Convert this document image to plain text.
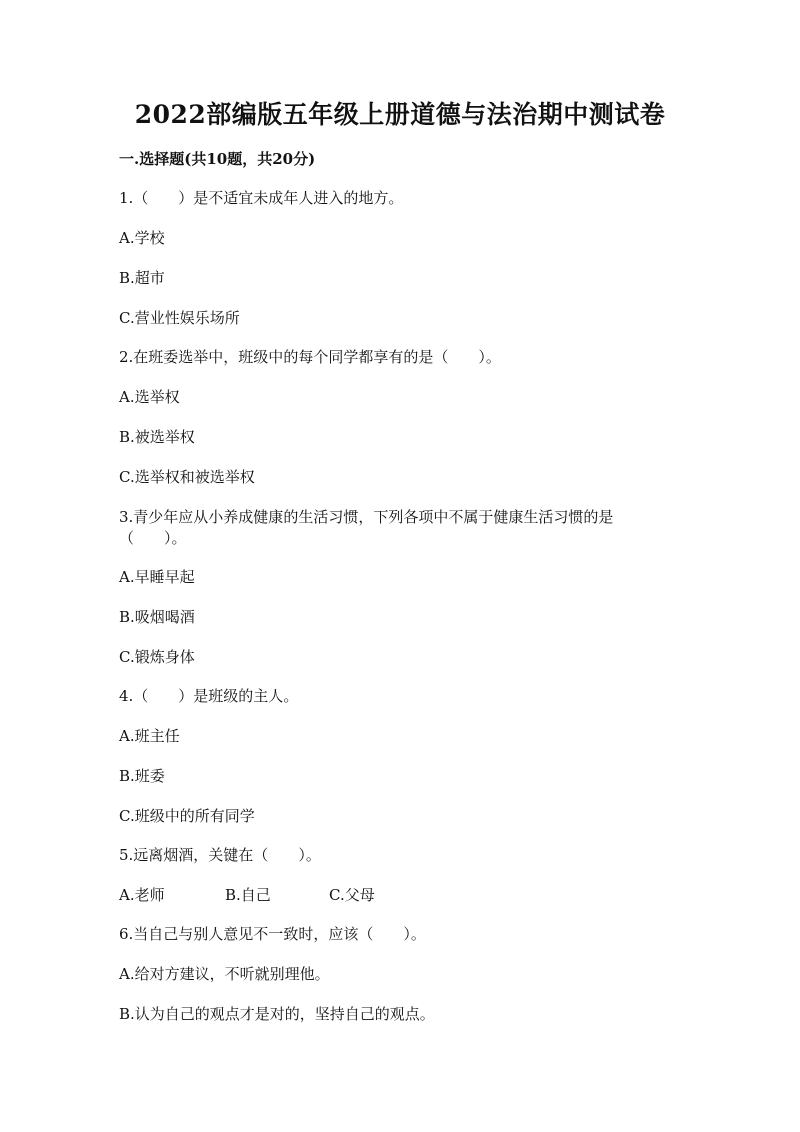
2022部编版五年级上册道德与法治期中测试卷
一.选择题(共10题，共20分)
1.（　　）是不适宜未成年人进入的地方。
A.学校
B.超市
C.营业性娱乐场所
2.在班委选举中，班级中的每个同学都享有的是（　　）。
A.选举权
B.被选举权
C.选举权和被选举权
3.青少年应从小养成健康的生活习惯，下列各项中不属于健康生活习惯的是
（　　）。
A.早睡早起
B.吸烟喝酒
C.锻炼身体
4.（　　）是班级的主人。
A.班主任
B.班委
C.班级中的所有同学
5.远离烟酒，关键在（　　）。
A.老师	B.自己	C.父母
6.当自己与别人意见不一致时，应该（　　）。
A.给对方建议，不听就别理他。
B.认为自己的观点才是对的，坚持自己的观点。
